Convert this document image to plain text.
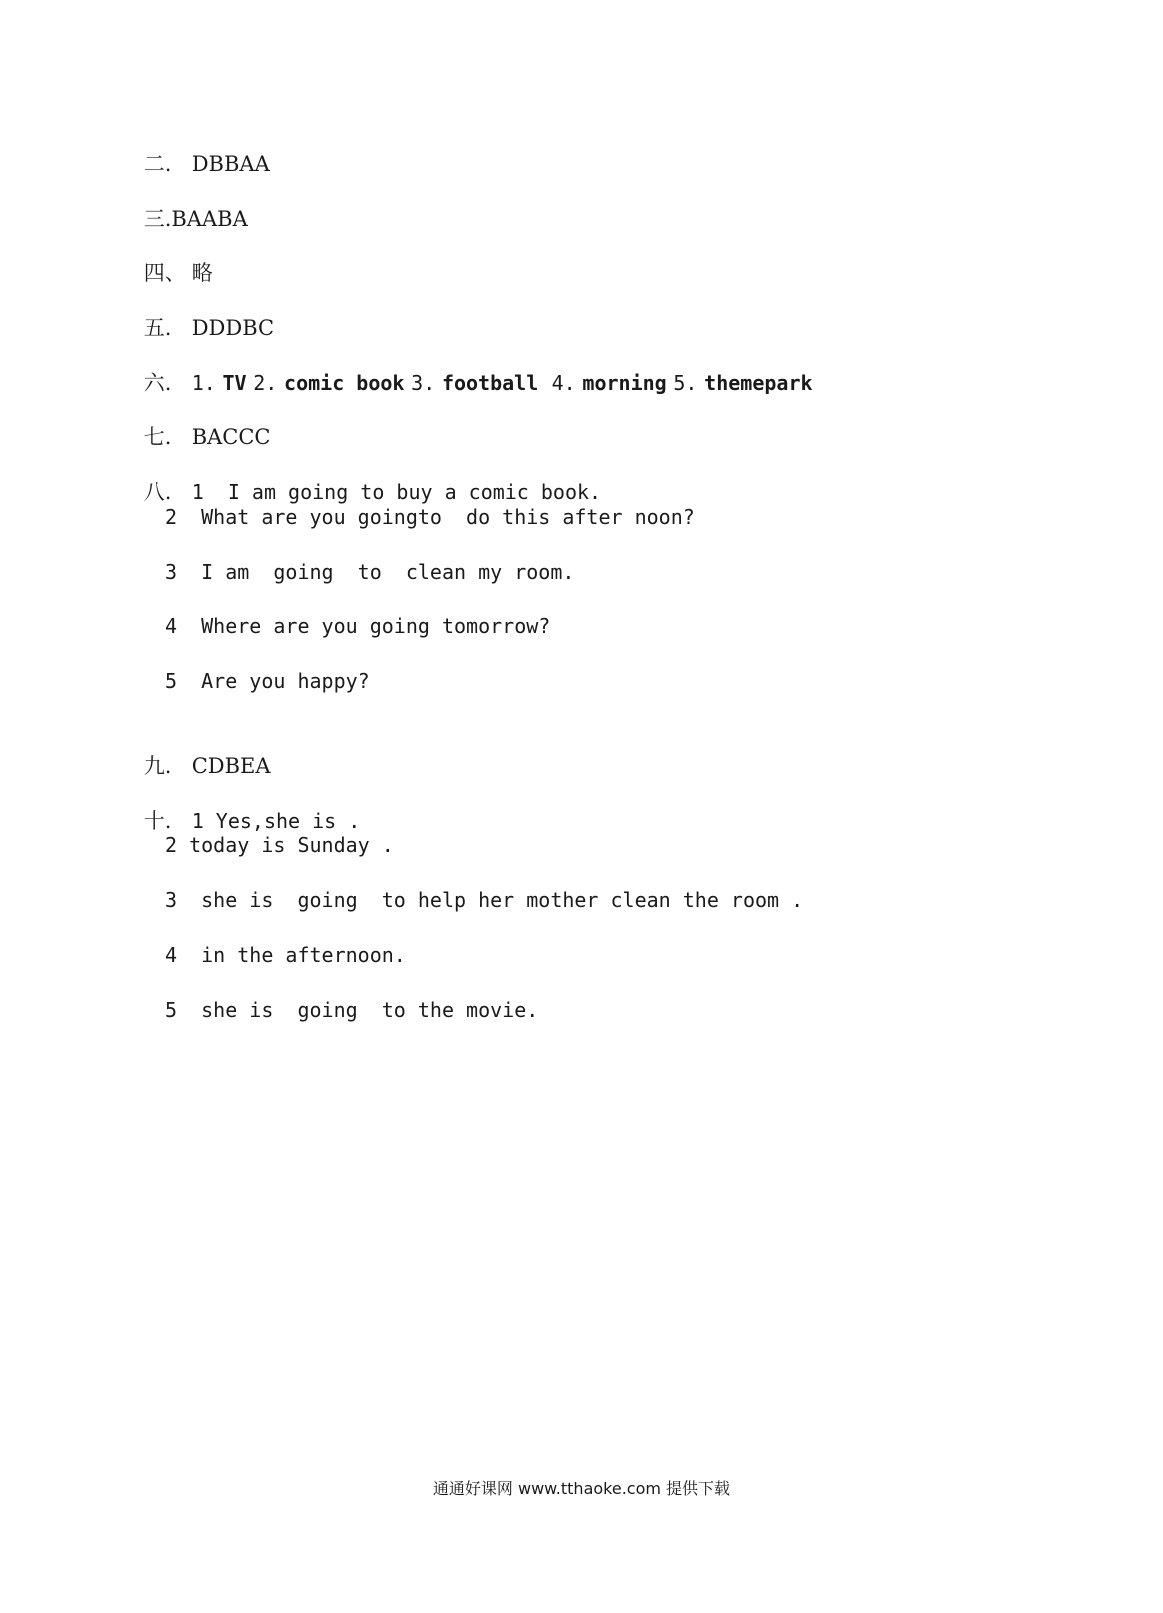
二. DBBAA

三.BAABA

四、 略

五. DDDBC

六. 1. TV 2. comic book 3. football 4. morning 5. themepark

七. BACCC

八. 1  I am going to buy a comic book.

2  What are you goingto  do this after noon?
3  I am  going  to  clean my room.
4  Where are you going tomorrow?
5  Are you happy?

九. CDBEA

十. 1 Yes,she is .

2 today is Sunday .
3  she is  going  to help her mother clean the room .
4  in the afternoon.
5  she is  going  to the movie.
通通好课网 www.tthaoke.com 提供下载
